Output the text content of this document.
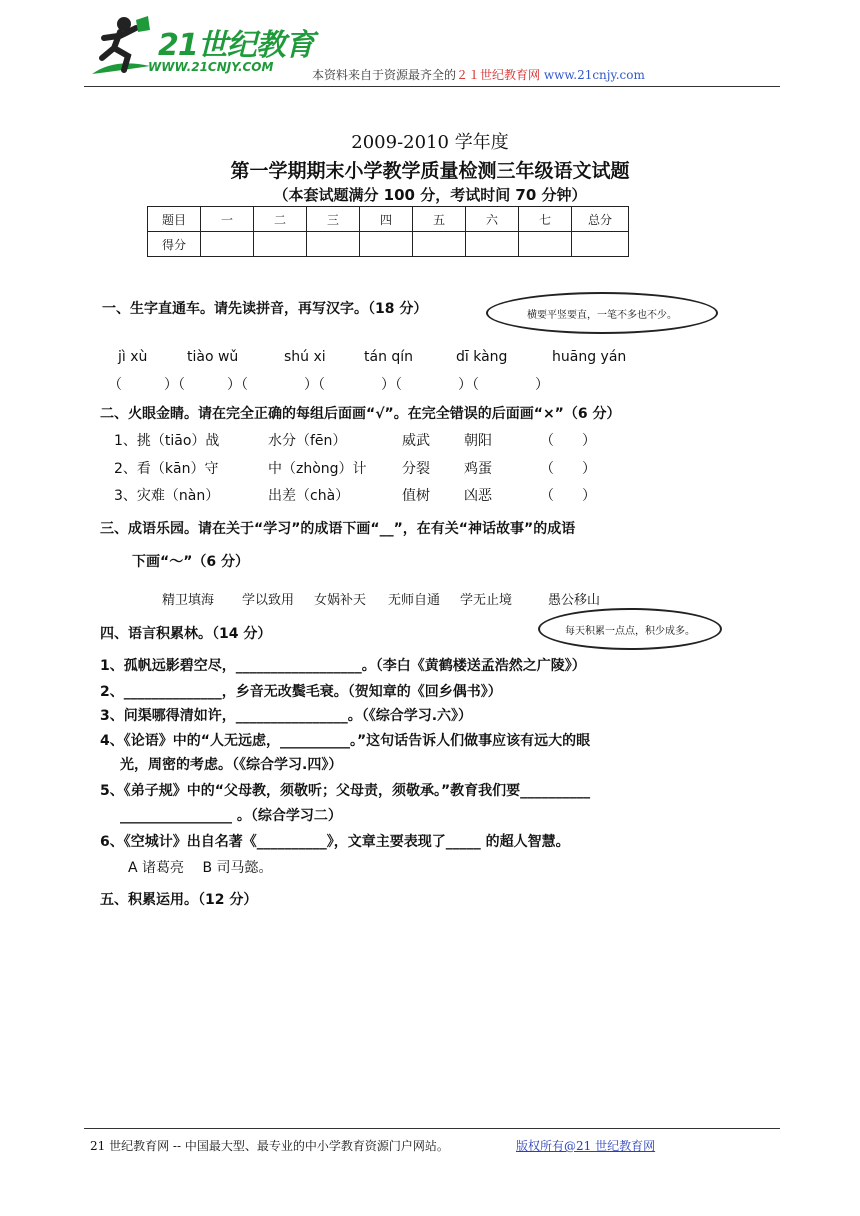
21世纪教育
WWW.21CNJY.COM
本资料来自于资源最齐全的２１世纪教育网 www.21cnjy.com
2009-2010 学年度
第一学期期末小学教学质量检测三年级语文试题
（本套试题满分 100 分，考试时间 70 分钟）
题目	一	二	三	四	五	六	七	总分
得分								
一、生字直通车。请先读拼音，再写汉字。（18 分）	横要平竖要直，一笔不多也不少。
jì xù	tiào wǔ	shú xi	tán qín	dī kàng	huāng yán
（　　　）（　　　）（　　　　）（　　　　）（　　　　）（　　　　）
二、火眼金睛。请在完全正确的每组后面画“√”。在完全错误的后面画“×”（6 分）
1、挑（tiāo）战	水分（fēn）	威武 朝阳	（　　）
2、看（kān）守	中（zhòng）计	分裂 鸡蛋	（　　）
3、灾难（nàn）	出差（chà）	值树 凶恶	（　　）
三、成语乐园。请在关于“学习”的成语下画“__”，在有关“神话故事”的成语
下画“～”（6 分）
精卫填海 学以致用 女娲补天 无师自通 学无止境	愚公移山
四、语言积累林。（14 分）	每天积累一点点，积少成多。
1、孤帆远影碧空尽，__________________。（李白《黄鹤楼送孟浩然之广陵》）
2、______________，乡音无改鬓毛衰。（贺知章的《回乡偶书》）
3、问渠哪得清如许，________________。（《综合学习.六》）
4、《论语》中的“人无远虑，__________。”这句话告诉人们做事应该有远大的眼
光，周密的考虑。（《综合学习.四》）
5、《弟子规》中的“父母教，须敬听；父母责，须敬承。”教育我们要__________
________________ 。（综合学习二）
6、《空城计》出自名著《__________》，文章主要表现了_____ 的超人智慧。
A 诸葛亮　 B 司马懿。
五、积累运用。（12 分）
21 世纪教育网 -- 中国最大型、最专业的中小学教育资源门户网站。	版权所有@21 世纪教育网
